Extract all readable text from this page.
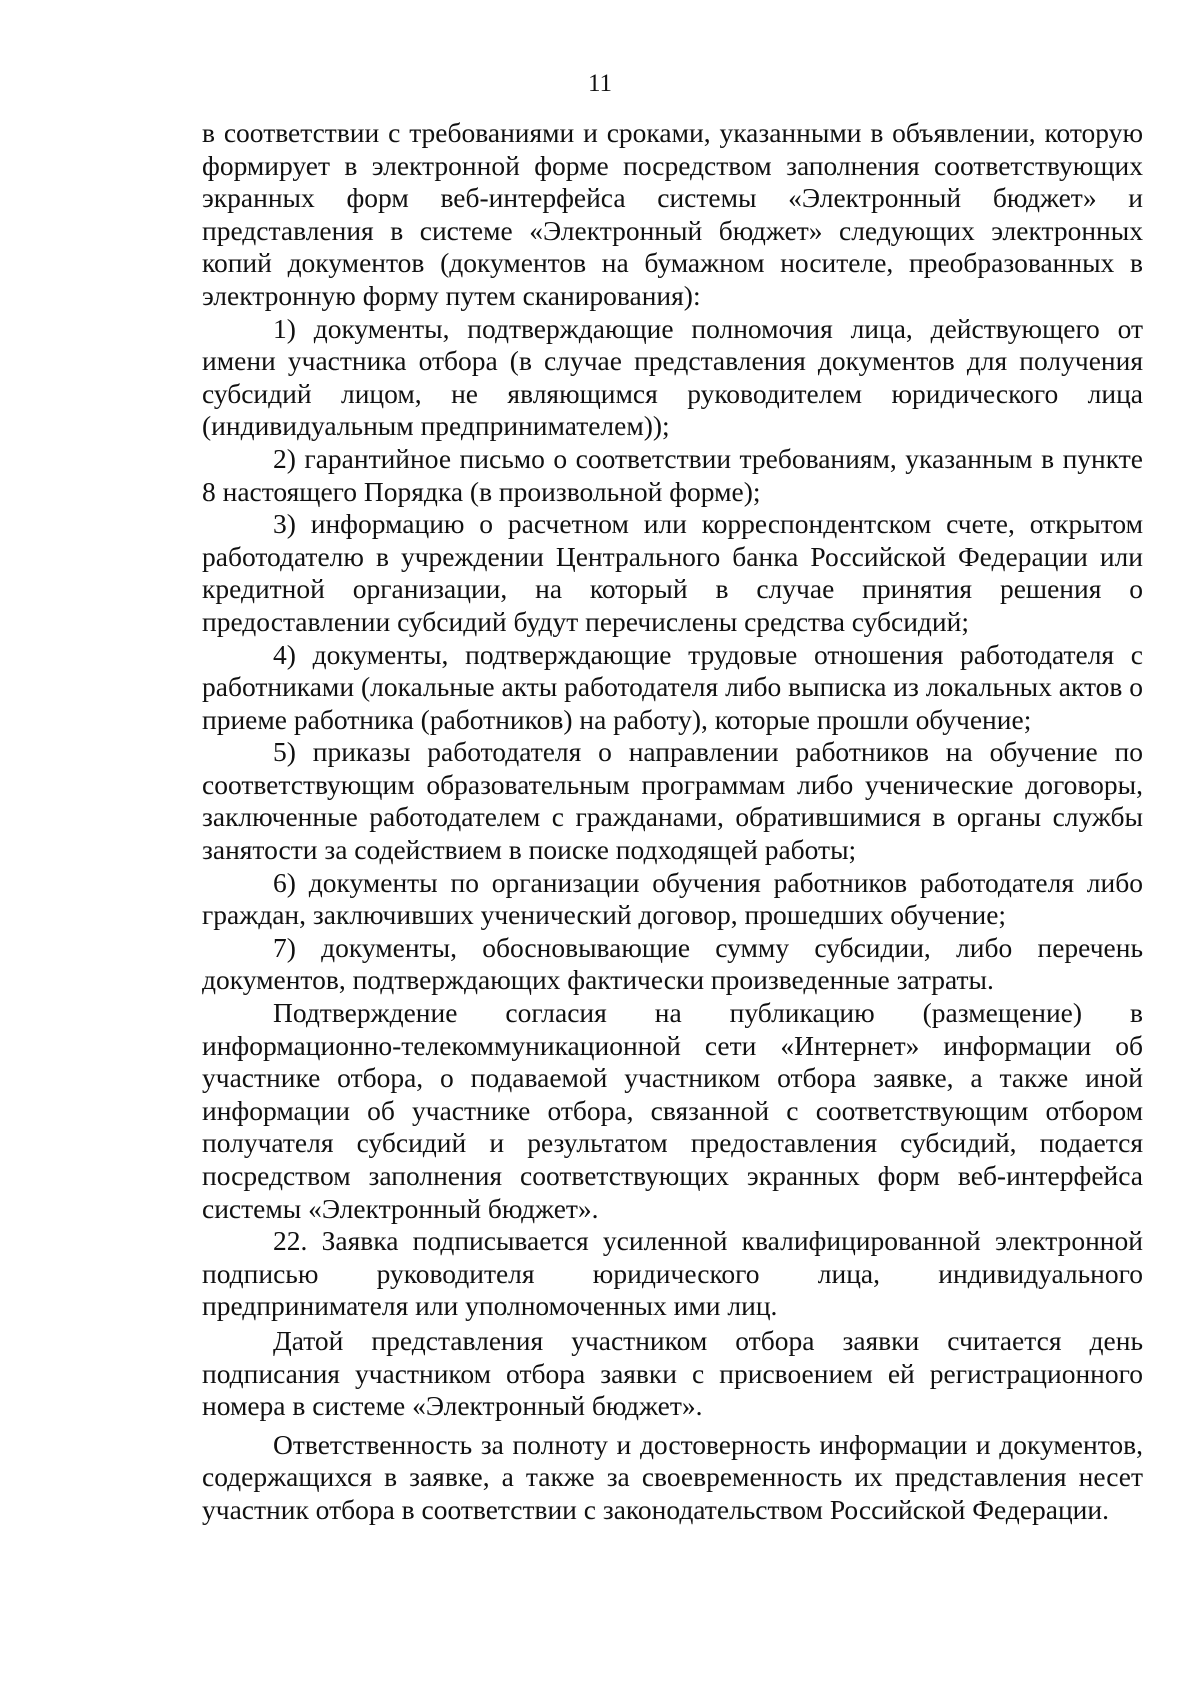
11

в соответствии с требованиями и сроками, указанными в объявлении, которую формирует в электронной форме посредством заполнения соответствующих экранных форм веб-интерфейса системы «Электронный бюджет» и представления в системе «Электронный бюджет» следующих электронных копий документов (документов на бумажном носителе, преобразованных в электронную форму путем сканирования):

1) документы, подтверждающие полномочия лица, действующего от имени участника отбора (в случае представления документов для получения субсидий лицом, не являющимся руководителем юридического лица (индивидуальным предпринимателем));

2) гарантийное письмо о соответствии требованиям, указанным в пункте 8 настоящего Порядка (в произвольной форме);

3) информацию о расчетном или корреспондентском счете, открытом работодателю в учреждении Центрального банка Российской Федерации или кредитной организации, на который в случае принятия решения о предоставлении субсидий будут перечислены средства субсидий;

4) документы, подтверждающие трудовые отношения работодателя с работниками (локальные акты работодателя либо выписка из локальных актов о приеме работника (работников) на работу), которые прошли обучение;

5) приказы работодателя о направлении работников на обучение по соответствующим образовательным программам либо ученические договоры, заключенные работодателем с гражданами, обратившимися в органы службы занятости за содействием в поиске подходящей работы;

6) документы по организации обучения работников работодателя либо граждан, заключивших ученический договор, прошедших обучение;

7) документы, обосновывающие сумму субсидии, либо перечень документов, подтверждающих фактически произведенные затраты.

Подтверждение согласия на публикацию (размещение) в информационно-телекоммуникационной сети «Интернет» информации об участнике отбора, о подаваемой участником отбора заявке, а также иной информации об участнике отбора, связанной с соответствующим отбором получателя субсидий и результатом предоставления субсидий, подается посредством заполнения соответствующих экранных форм веб-интерфейса системы «Электронный бюджет».

22. Заявка подписывается усиленной квалифицированной электронной подписью руководителя юридического лица, индивидуального предпринимателя или уполномоченных ими лиц.

Датой представления участником отбора заявки считается день подписания участником отбора заявки с присвоением ей регистрационного номера в системе «Электронный бюджет».

Ответственность за полноту и достоверность информации и документов, содержащихся в заявке, а также за своевременность их представления несет участник отбора в соответствии с законодательством Российской Федерации.
